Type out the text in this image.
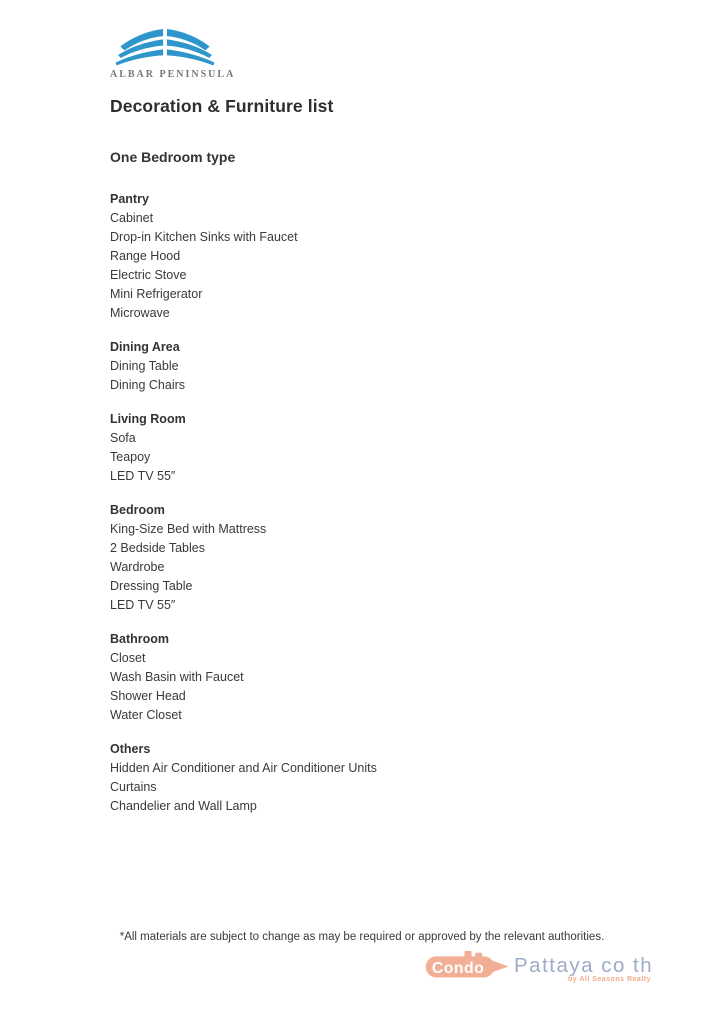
ALBAR PENINSULA
Decoration & Furniture list
One Bedroom type
Pantry
Cabinet
Drop-in Kitchen Sinks with Faucet
Range Hood
Electric Stove
Mini Refrigerator
Microwave
Dining Area
Dining Table
Dining Chairs
Living Room
Sofa
Teapoy
LED TV 55″
Bedroom
King-Size Bed with Mattress
2 Bedside Tables
Wardrobe
Dressing Table
LED TV 55″
Bathroom
Closet
Wash Basin with Faucet
Shower Head
Water Closet
Others
Hidden Air Conditioner and Air Conditioner Units
Curtains
Chandelier and Wall Lamp
*All materials are subject to change as may be required or approved by the relevant authorities.
Condo Pattaya co th
by All Seasons Realty
